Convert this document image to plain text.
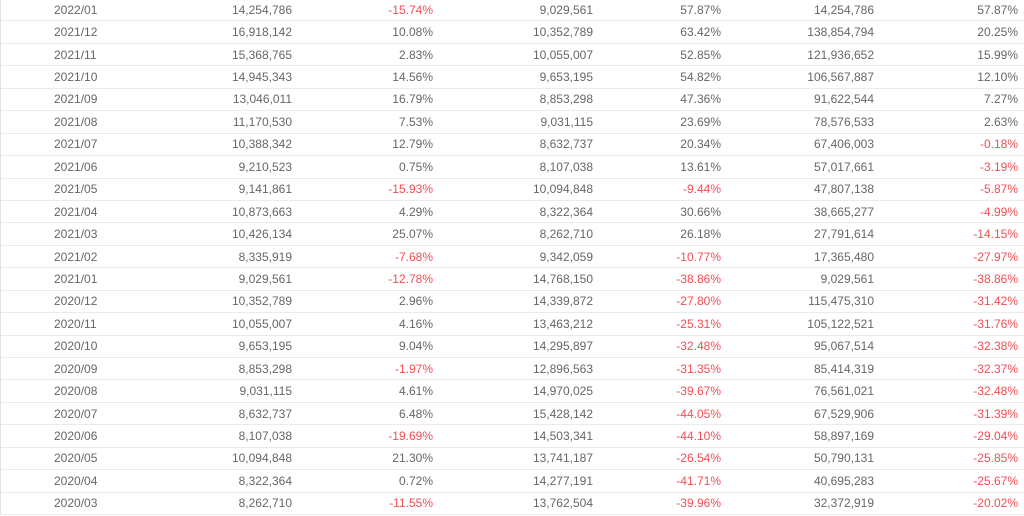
2022/01	14,254,786	-15.74%	9,029,561	57.87%	14,254,786	57.87%
2021/12	16,918,142	10.08%	10,352,789	63.42%	138,854,794	20.25%
2021/11	15,368,765	2.83%	10,055,007	52.85%	121,936,652	15.99%
2021/10	14,945,343	14.56%	9,653,195	54.82%	106,567,887	12.10%
2021/09	13,046,011	16.79%	8,853,298	47.36%	91,622,544	7.27%
2021/08	11,170,530	7.53%	9,031,115	23.69%	78,576,533	2.63%
2021/07	10,388,342	12.79%	8,632,737	20.34%	67,406,003	-0.18%
2021/06	9,210,523	0.75%	8,107,038	13.61%	57,017,661	-3.19%
2021/05	9,141,861	-15.93%	10,094,848	-9.44%	47,807,138	-5.87%
2021/04	10,873,663	4.29%	8,322,364	30.66%	38,665,277	-4.99%
2021/03	10,426,134	25.07%	8,262,710	26.18%	27,791,614	-14.15%
2021/02	8,335,919	-7.68%	9,342,059	-10.77%	17,365,480	-27.97%
2021/01	9,029,561	-12.78%	14,768,150	-38.86%	9,029,561	-38.86%
2020/12	10,352,789	2.96%	14,339,872	-27.80%	115,475,310	-31.42%
2020/11	10,055,007	4.16%	13,463,212	-25.31%	105,122,521	-31.76%
2020/10	9,653,195	9.04%	14,295,897	-32.48%	95,067,514	-32.38%
2020/09	8,853,298	-1.97%	12,896,563	-31.35%	85,414,319	-32.37%
2020/08	9,031,115	4.61%	14,970,025	-39.67%	76,561,021	-32.48%
2020/07	8,632,737	6.48%	15,428,142	-44.05%	67,529,906	-31.39%
2020/06	8,107,038	-19.69%	14,503,341	-44.10%	58,897,169	-29.04%
2020/05	10,094,848	21.30%	13,741,187	-26.54%	50,790,131	-25.85%
2020/04	8,322,364	0.72%	14,277,191	-41.71%	40,695,283	-25.67%
2020/03	8,262,710	-11.55%	13,762,504	-39.96%	32,372,919	-20.02%
